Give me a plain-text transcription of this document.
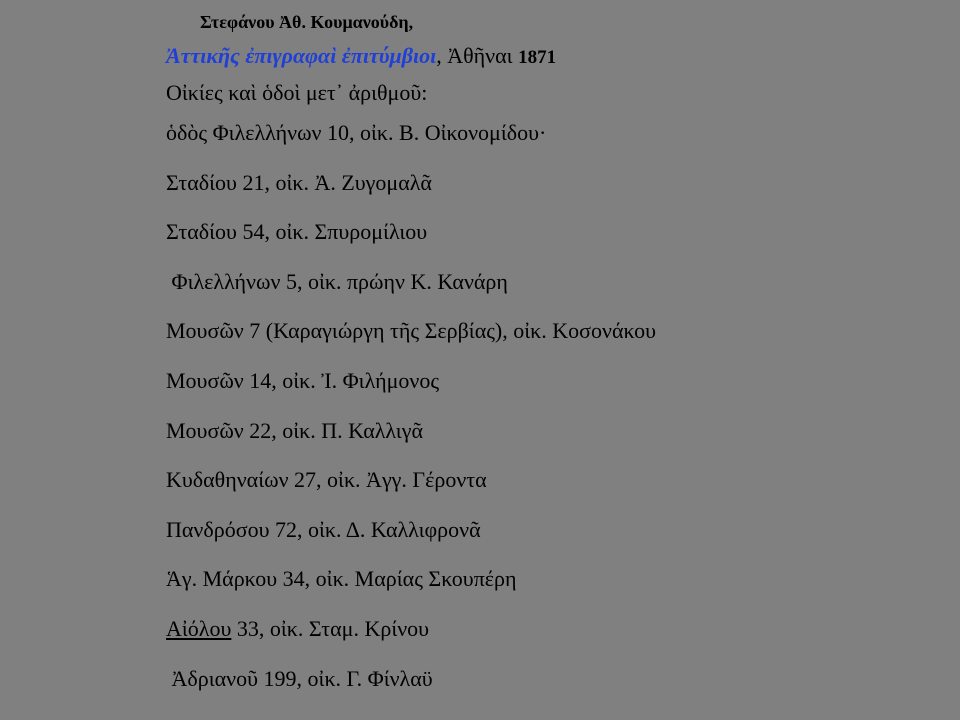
Στεφάνου Ἀθ. Κουμανούδη,
Ἀττικῆς ἐπιγραφαὶ ἐπιτύμβιοι, Ἀθῆναι 1871
Οἰκίες καὶ ὁδοὶ μετ᾽ ἀριθμοῦ:
ὁδὸς Φιλελλήνων 10, οἰκ. Β. Οἰκονομίδου·
Σταδίου 21, οἰκ. Ἀ. Ζυγομαλᾶ
Σταδίου 54, οἰκ. Σπυρομίλιου
Φιλελλήνων 5, οἰκ. πρώην Κ. Κανάρη
Μουσῶν 7 (Καραγιώργη τῆς Σερβίας), οἰκ. Κοσονάκου
Μουσῶν 14, οἰκ. Ἰ. Φιλήμονος
Μουσῶν 22, οἰκ. Π. Καλλιγᾶ
Κυδαθηναίων 27, οἰκ. Ἀγγ. Γέροντα
Πανδρόσου 72, οἰκ. Δ. Καλλιφρονᾶ
Ἁγ. Μάρκου 34, οἰκ. Μαρίας Σκουπέρη
Αἰόλου 33, οἰκ. Σταμ. Κρίνου
Ἀδριανοῦ 199, οἰκ. Γ. Φίνλαϋ
